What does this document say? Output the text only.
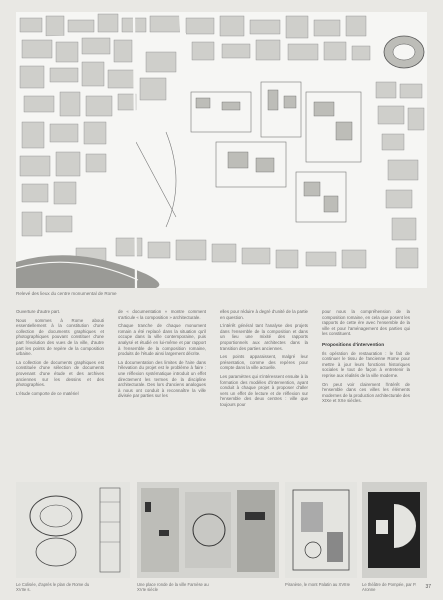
Relevé des lieux du centre monumental de Rome

Ouverture d'autre part.

Nous sommes à Rome abouti essentiellement à la constitution d'une collection de documents graphiques et photographiques pouvant constituer d'une part l'évolution des vues de la ville, d'autre part les points de repère de la composition urbaine.

La collection de documents graphiques est constituée d'une sélection de documents provenant d'une étude et des archives anciennes sur les dessins et des photographies.

L'étude comporte de ce matériel

de « documentation » montre comment s'articule « la composition » architecturale.

Chaque tranche de chaque monument romain a été replacé dans la situation qu'il occupe dans la ville contemporaine, puis analysé et étudié en lui-même et par rapport à l'ensemble de la composition romaine, produits de l'étude ainsi largement décrite.

La documentation des limites de l'aire dans l'élevation du projet est le problème à faire : une réflexion systématique introduit un effet directement les termes de la discipline architecturale. Des lors d'anciens analogues à nous ont conduit à reconnaître la ville divisée par parties sur les

elles pour réduire à degré d'unité de la partie en question.

L'intérêt général tant l'analyse des projets dans l'ensemble de la composition et dans un lieu une mixité des rapports proportionnels aux architectes dans la transition des parties anciennes.

Les points apparaissent, malgré leur présentation, comme des repères pour compte dans la ville actuelle.

Les paramètres qui s'intéressent ensuite à la formation des modèles d'intervention, ayant conduit à chaque projet à proposer d'aller vers un effet de lecture et de réflexion sur l'ensemble des deux centres : ville que toujours pour

pour nous la compréhension de la composition romaine, en cela que posent les rapports de cette ère avec l'ensemble de la ville et pour l'aménagement des parties qui les constituent.

Propositions d'intervention

Ils opération de restauration : le fait de continuer le tissu de l'ancienne Rome pour mettre à jour leurs fonctions historiques sociales le tout de façon à entretenir la reprise aux réalités de la ville moderne.

On peut voir clairement l'intérêt de l'ensemble dans ces villes les éléments modernes de la production architecturale des XIXe et XXe siècles.

Le Colisée, d'après le plan de Rome du XVIIe s.
Une place ronde de la ville Farnèse au XVIe siècle
Piranèse, le mont Palatin au XVIIIe	Le théâtre de Pompée, par P. Aronne	37
